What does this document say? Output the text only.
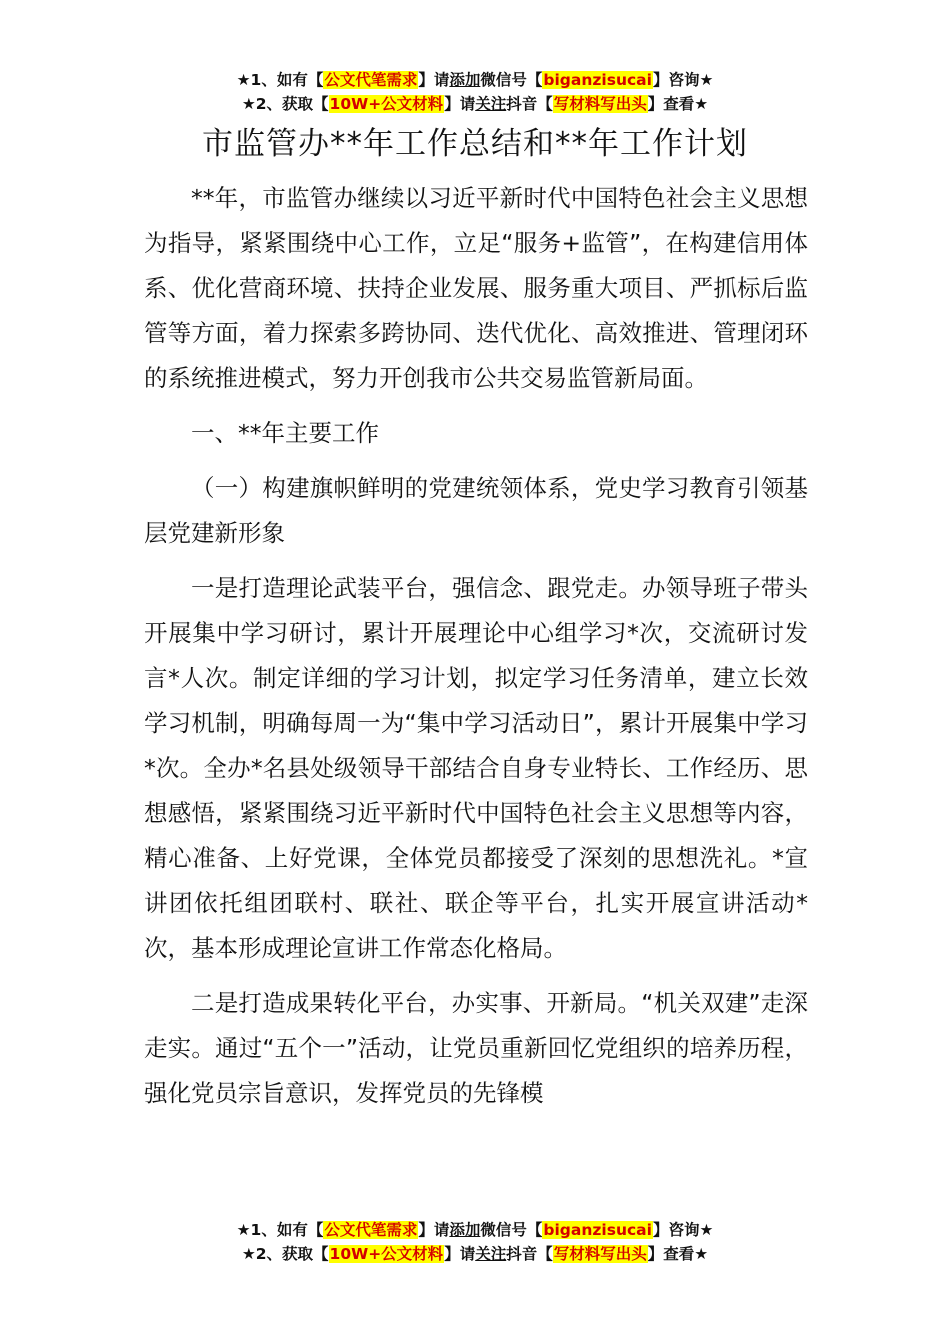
★1、如有【公文代笔需求】请添加微信号【biganzisucai】咨询★
★2、获取【10W+公文材料】请关注抖音【写材料写出头】查看★
市监管办**年工作总结和**年工作计划

**年，市监管办继续以习近平新时代中国特色社会主义思想为指导，紧紧围绕中心工作，立足“服务+监管”，在构建信用体系、优化营商环境、扶持企业发展、服务重大项目、严抓标后监管等方面，着力探索多跨协同、迭代优化、高效推进、管理闭环的系统推进模式，努力开创我市公共交易监管新局面。

一、**年主要工作

（一）构建旗帜鲜明的党建统领体系，党史学习教育引领基层党建新形象

一是打造理论武装平台，强信念、跟党走。办领导班子带头开展集中学习研讨，累计开展理论中心组学习*次，交流研讨发言*人次。制定详细的学习计划，拟定学习任务清单，建立长效学习机制，明确每周一为“集中学习活动日”，累计开展集中学习*次。全办*名县处级领导干部结合自身专业特长、工作经历、思想感悟，紧紧围绕习近平新时代中国特色社会主义思想等内容，精心准备、上好党课，全体党员都接受了深刻的思想洗礼。*宣讲团依托组团联村、联社、联企等平台，扎实开展宣讲活动*次，基本形成理论宣讲工作常态化格局。

二是打造成果转化平台，办实事、开新局。“机关双建”走深走实。通过“五个一”活动，让党员重新回忆党组织的培养历程，强化党员宗旨意识，发挥党员的先锋模

★1、如有【公文代笔需求】请添加微信号【biganzisucai】咨询★
★2、获取【10W+公文材料】请关注抖音【写材料写出头】查看★
